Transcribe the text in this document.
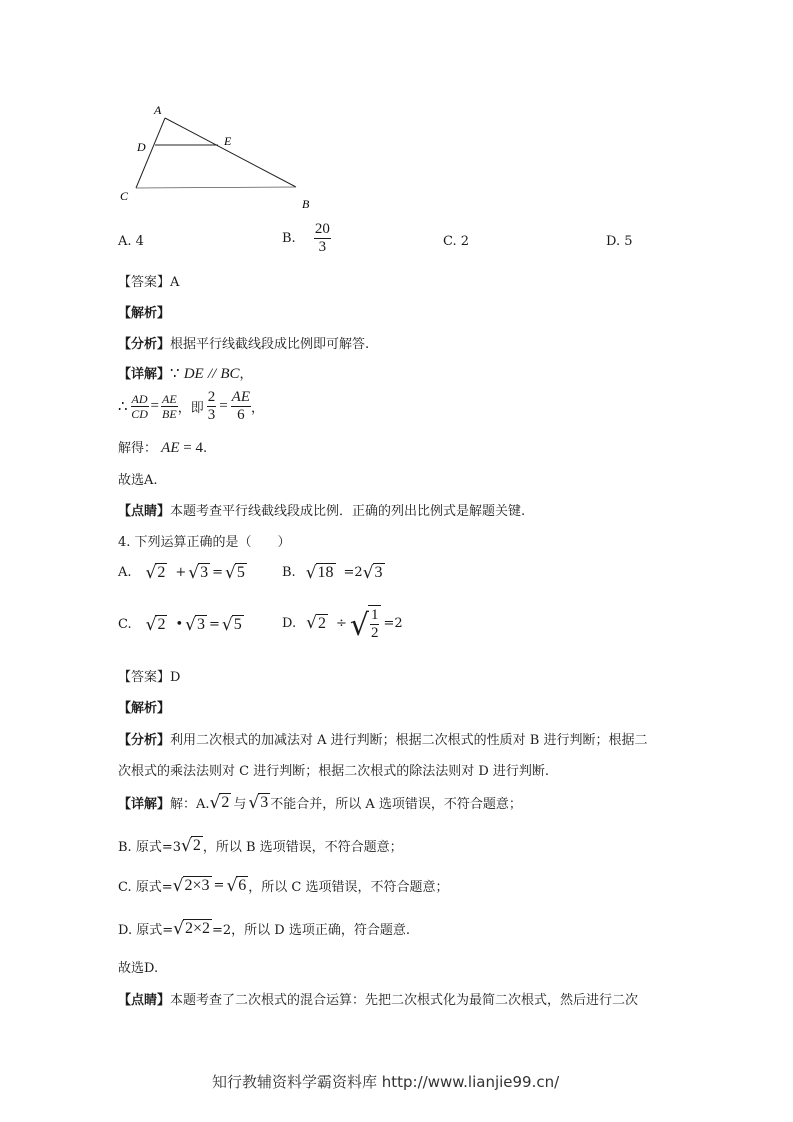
A
D	E
C
B
A. 4	B. $\frac{20}{3}$	C. 2	D. 5
【答案】A
【解析】
【分析】根据平行线截线段成比例即可解答.
【详解】∵ DE // BC，
∴ $\frac{AD}{CD} = \frac{AE}{BE}$ ，即 $\frac{2}{3} = \frac{AE}{6}$ ，
解得： AE = 4.
故选A.
【点睛】本题考查平行线截线段成比例．正确的列出比例式是解题关键.
4. 下列运算正确的是（　　）
A. √ 2 + √ 3 = √ 5	B. √ 18 =2 √ 3
C. √ 2 • √ 3 = √ 5	D. √ 2 ÷ √ $\frac{1}{2} =2$
【答案】D
【解析】
【分析】利用二次根式的加减法对 A 进行判断；根据二次根式的性质对 B 进行判断；根据二
次根式的乘法法则对 C 进行判断；根据二次根式的除法法则对 D 进行判断.
【详解】 解：A. √ 2 与 √ 3 不能合并，所以 A 选项错误，不符合题意；
B. 原式=3 √ 2 ，所以 B 选项错误，不符合题意；
C. 原式= √ 2×3 = √ 6 ，所以 C 选项错误，不符合题意；
D. 原式= √ 2×2 =2，所以 D 选项正确，符合题意.
故选D.
【点睛】本题考查了二次根式的混合运算：先把二次根式化为最简二次根式，然后进行二次
知行教辅资料学霸资料库 http://www.lianjie99.cn/
